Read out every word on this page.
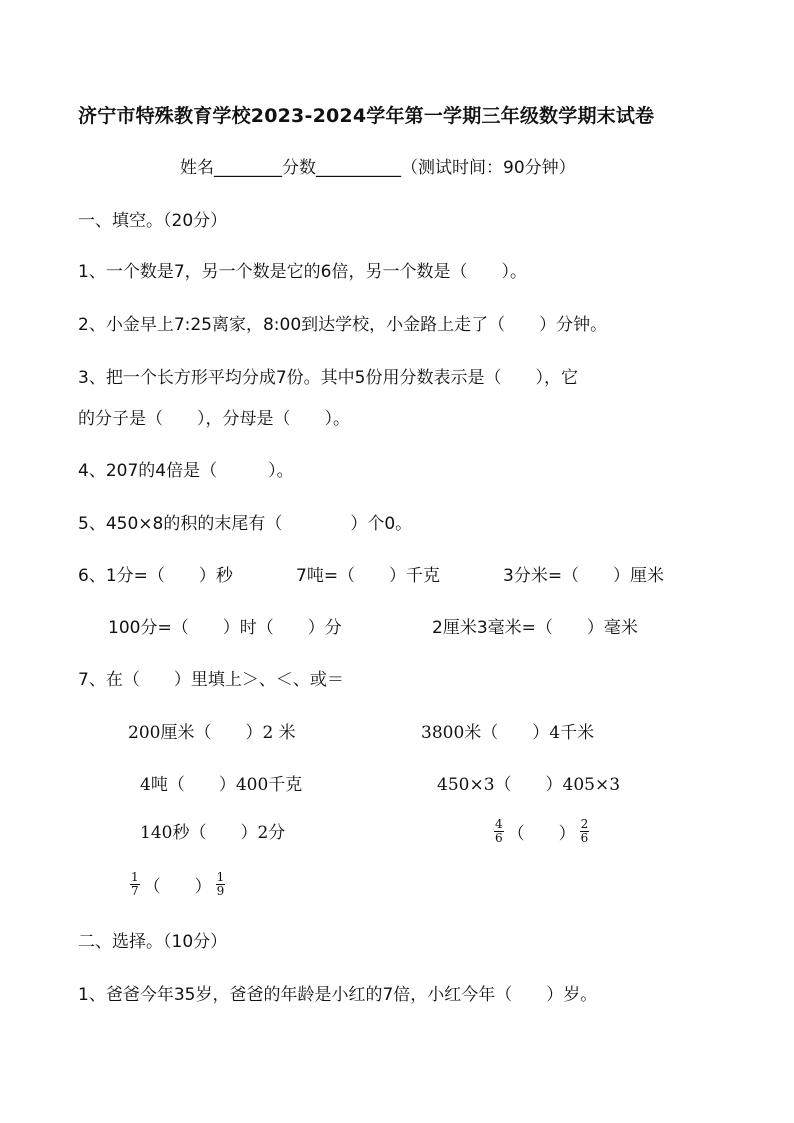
济宁市特殊教育学校2023-2024学年第一学期三年级数学期末试卷
姓名________分数__________（测试时间：90分钟）
一、填空。（20分）
1、一个数是7，另一个数是它的6倍，另一个数是（　　）。
2、小金早上7:25离家，8:00到达学校，小金路上走了（　　）分钟。
3、把一个长方形平均分成7份。其中5份用分数表示是（　　），它
的分子是（　　），分母是（　　）。
4、207的4倍是（　　　）。
5、450×8的积的末尾有（　　　　）个0。
6、1分=（　　）秒	7吨=（　　）千克	3分米=（　　）厘米
100分=（　　）时（　　）分	2厘米3毫米=（　　）毫米
7、在（　　）里填上＞、＜、或＝
200厘米（　　）2 米	3800米（　　）4千米
4吨（　　）400千克	450×3（　　）405×3
140秒（　　）2分	$\frac{4}{6}$ （　　） $\frac{2}{6}$
$\frac{1}{7}$ （　　） $\frac{1}{9}$
二、选择。（10分）
1、爸爸今年35岁，爸爸的年龄是小红的7倍，小红今年（　　）岁。
